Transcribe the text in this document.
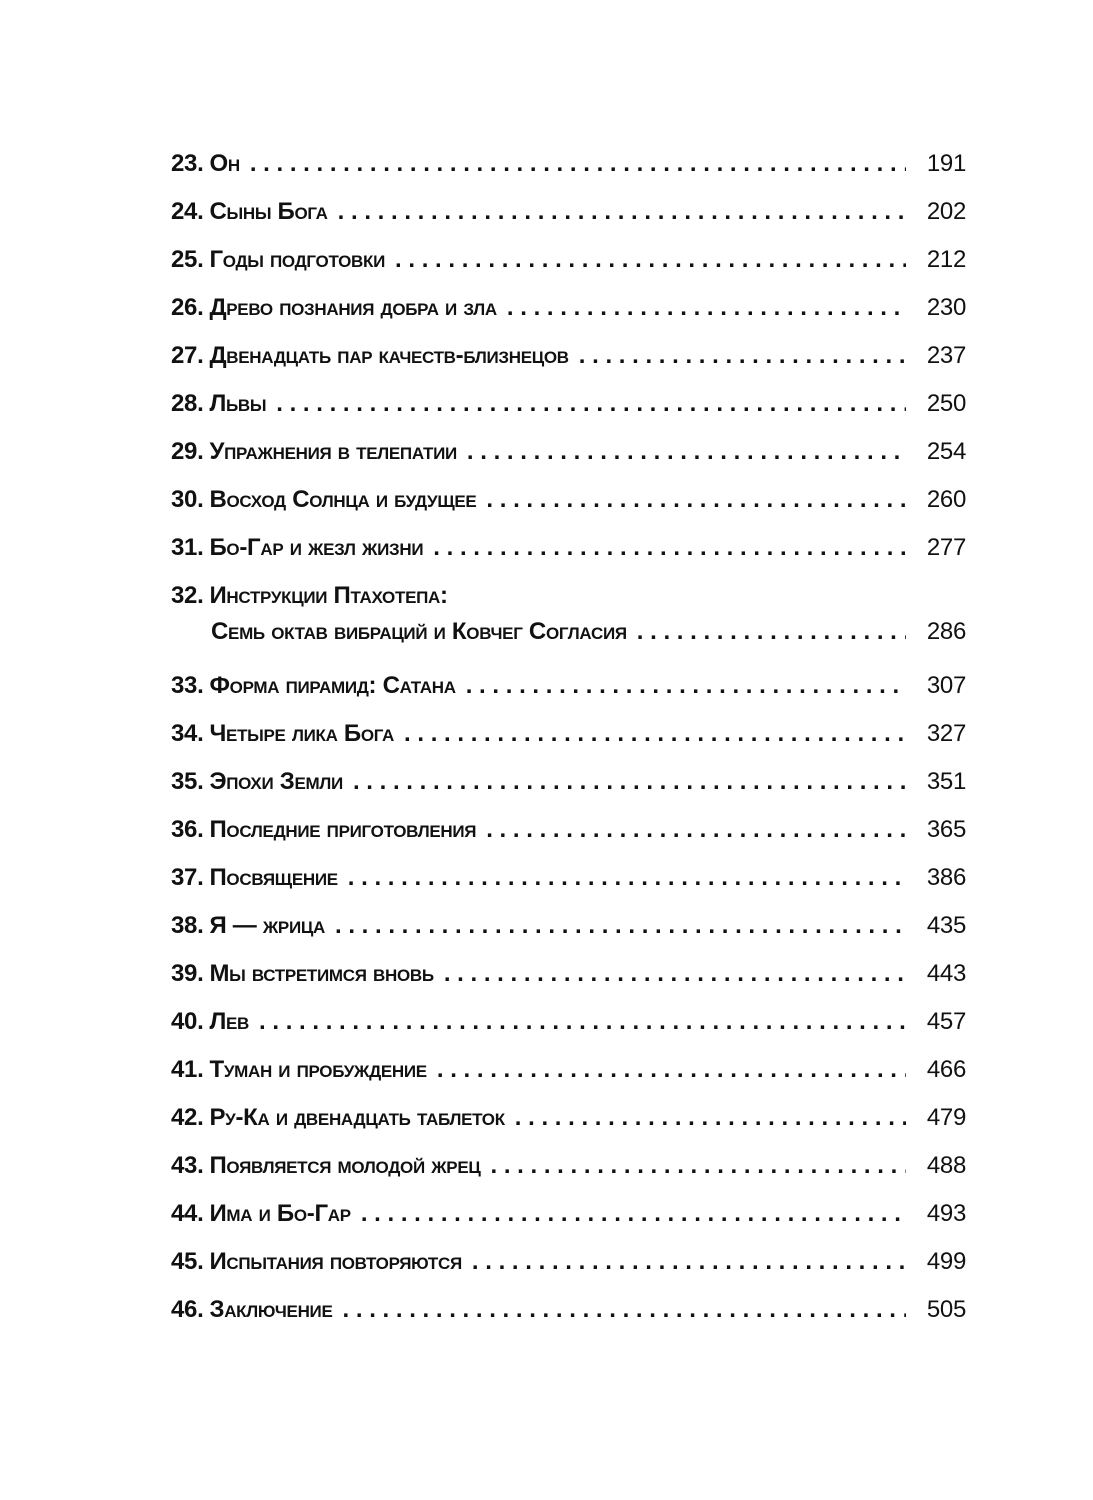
23. Он . . .	191
24. Сыны Бога . . .	202
25. Годы подготовки . . .	212
26. Древо познания добра и зла . . .	230
27. Двенадцать пар качеств-близнецов . . .	237
28. Львы . . .	250
29. Упражнения в телепатии . . .	254
30. Восход Солнца и будущее . . .	260
31. Бо-Гар и жезл жизни . . .	277
32. Инструкции Птахотепа:
Семь октав вибраций и Ковчег Согласия . . .	286
33. Форма пирамид: Сатана . . .	307
34. Четыре лика Бога . . .	327
35. Эпохи Земли . . .	351
36. Последние приготовления . . .	365
37. Посвящение . . .	386
38. Я — жрица . . .	435
39. Мы встретимся вновь . . .	443
40. Лев . . .	457
41. Туман и пробуждение . . .	466
42. Ру-Ка и двенадцать таблеток . . .	479
43. Появляется молодой жрец . . .	488
44. Има и Бо-Гар . . .	493
45. Испытания повторяются . . .	499
46. Заключение . . .	505
